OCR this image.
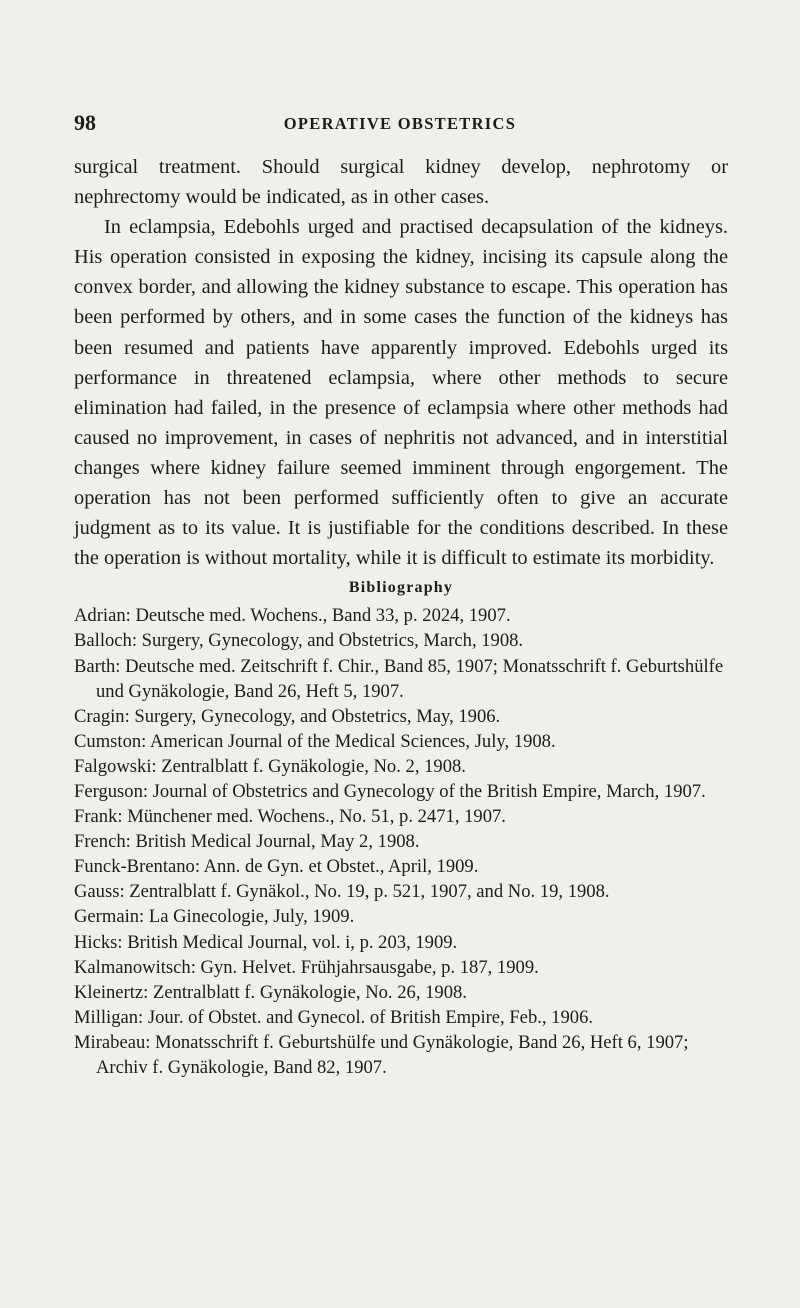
98	OPERATIVE OBSTETRICS

surgical treatment. Should surgical kidney develop, nephrotomy or nephrectomy would be indicated, as in other cases.

In eclampsia, Edebohls urged and practised decapsulation of the kidneys. His operation consisted in exposing the kidney, incising its capsule along the convex border, and allowing the kidney substance to escape. This operation has been performed by others, and in some cases the function of the kidneys has been resumed and patients have apparently improved. Edebohls urged its performance in threatened eclampsia, where other methods to secure elimination had failed, in the presence of eclampsia where other methods had caused no improvement, in cases of nephritis not advanced, and in interstitial changes where kidney failure seemed imminent through engorgement. The operation has not been performed sufficiently often to give an accurate judgment as to its value. It is justifiable for the conditions described. In these the operation is without mortality, while it is difficult to estimate its morbidity.

Bibliography
Adrian: Deutsche med. Wochens., Band 33, p. 2024, 1907.
Balloch: Surgery, Gynecology, and Obstetrics, March, 1908.
Barth: Deutsche med. Zeitschrift f. Chir., Band 85, 1907; Monatsschrift f. Geburtshülfe und Gynäkologie, Band 26, Heft 5, 1907.
Cragin: Surgery, Gynecology, and Obstetrics, May, 1906.
Cumston: American Journal of the Medical Sciences, July, 1908.
Falgowski: Zentralblatt f. Gynäkologie, No. 2, 1908.
Ferguson: Journal of Obstetrics and Gynecology of the British Empire, March, 1907.
Frank: Münchener med. Wochens., No. 51, p. 2471, 1907.
French: British Medical Journal, May 2, 1908.
Funck-Brentano: Ann. de Gyn. et Obstet., April, 1909.
Gauss: Zentralblatt f. Gynäkol., No. 19, p. 521, 1907, and No. 19, 1908.
Germain: La Ginecologie, July, 1909.
Hicks: British Medical Journal, vol. i, p. 203, 1909.
Kalmanowitsch: Gyn. Helvet. Frühjahrsausgabe, p. 187, 1909.
Kleinertz: Zentralblatt f. Gynäkologie, No. 26, 1908.
Milligan: Jour. of Obstet. and Gynecol. of British Empire, Feb., 1906.
Mirabeau: Monatsschrift f. Geburtshülfe und Gynäkologie, Band 26, Heft 6, 1907; Archiv f. Gynäkologie, Band 82, 1907.
